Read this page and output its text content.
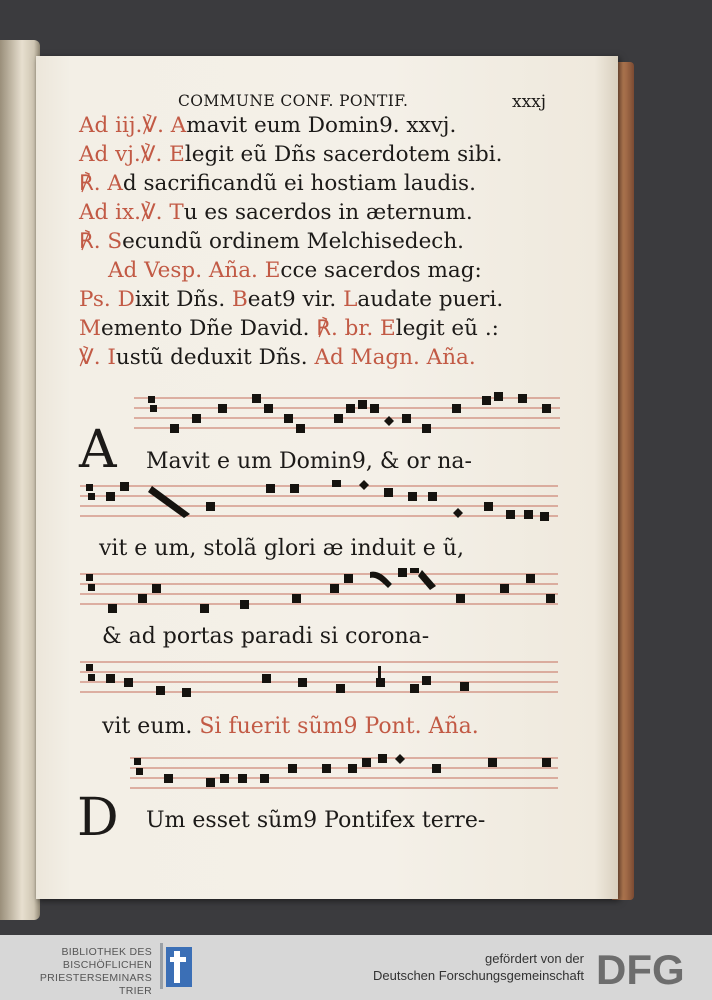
COMMUNE CONF. PONTIF.	xxxj
Ad iij.℣. Amavit eum Domin9. xxvj.
Ad vj.℣. Elegit eũ Dñs sacerdotem sibi.
℟. Ad sacrificandũ ei hostiam laudis.
Ad ix.℣. Tu es sacerdos in æternum.
℟. Secundũ ordinem Melchisedech.
Ad Vesp. Aña. Ecce sacerdos mag:
Ps. Dixit Dñs. Beat9 vir. Laudate pueri.
Memento Dñe David. ℟. br. Elegit eũ .:
℣. Iustũ deduxit Dñs. Ad Magn. Aña.
A Mavit e um Domin9, & or na-
vit e um, stolã glori æ induit e ũ,
& ad portas paradi si corona-
vit eum. Si fuerit sũm9 Pont. Aña.
D Um esset sũm9 Pontifex terre-
BIBLIOTHEK DES
BISCHÖFLICHEN
PRIESTERSEMINARS TRIER
gefördert von der
Deutschen Forschungsgemeinschaft DFG
